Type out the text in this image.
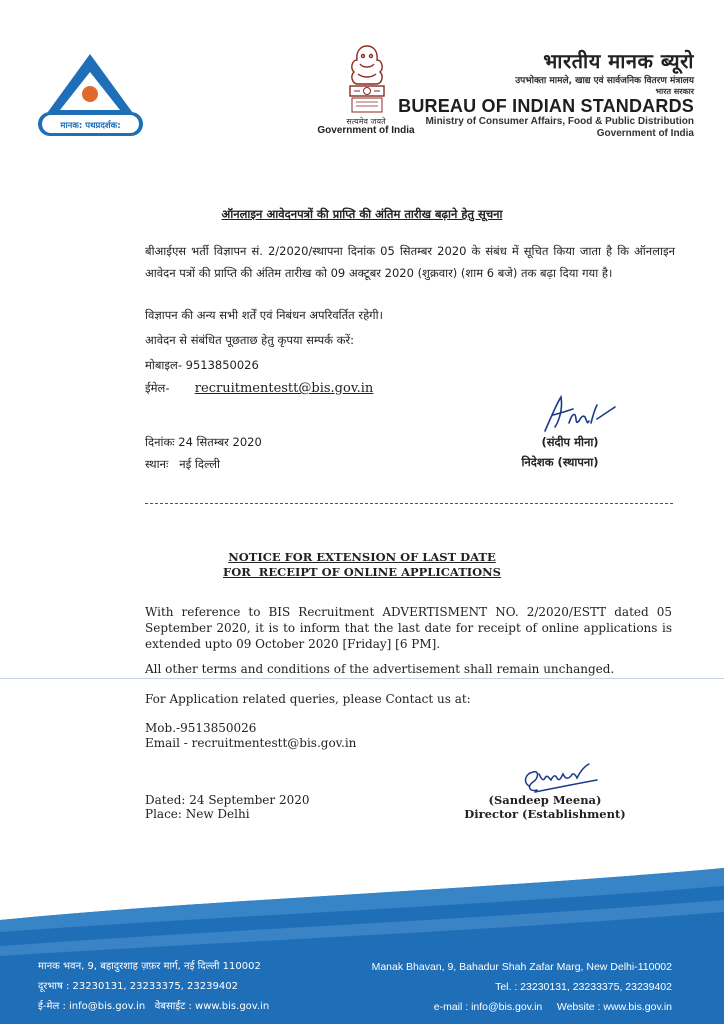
मानक: पथप्रदर्शक:	सत्यमेव जयते
Government of India
भारतीय मानक ब्यूरो
उपभोक्ता मामले, खाद्य एवं सार्वजनिक वितरण मंत्रालय
भारत सरकार
BUREAU OF INDIAN STANDARDS
Ministry of Consumer Affairs, Food & Public Distribution
Government of India
ऑनलाइन आवेदनपत्रों की प्राप्ति की अंतिम तारीख बढ़ाने हेतु सूचना
बीआईएस भर्ती विज्ञापन सं. 2/2020/स्थापना दिनांक 05 सितम्बर 2020 के संबंध में सूचित किया जाता है कि ऑनलाइन आवेदन पत्रों की प्राप्ति की अंतिम तारीख को 09 अक्टूबर 2020 (शुक्रवार) (शाम 6 बजे) तक बढ़ा दिया गया है।
विज्ञापन की अन्य सभी शर्तें एवं निबंधन अपरिवर्तित रहेगी।
आवेदन से संबंधित पूछताछ हेतु कृपया सम्पर्क करें:
मोबाइल- 9513850026
ईमेल- recruitmentestt@bis.gov.in
दिनांकः 24 सितम्बर 2020
स्थानः   नई दिल्ली
(संदीप मीना)
निदेशक (स्थापना)
NOTICE FOR EXTENSION OF LAST DATE
FOR  RECEIPT OF ONLINE APPLICATIONS
With reference to BIS Recruitment ADVERTISMENT NO. 2/2020/ESTT dated 05 September 2020, it is to inform that the last date for receipt of online applications is extended upto 09 October 2020 [Friday] [6 PM].
All other terms and conditions of the advertisement shall remain unchanged.
For Application related queries, please Contact us at:
Mob.-9513850026
Email - recruitmentestt@bis.gov.in
Dated: 24 September 2020
Place: New Delhi
(Sandeep Meena)
Director (Establishment)
मानक भवन, 9, बहादुरशाह ज़फ़र मार्ग, नई दिल्ली 110002
दूरभाष : 23230131, 23233375, 23239402
ई-मेल : info@bis.gov.in   वेबसाईट : www.bis.gov.in
Manak Bhavan, 9, Bahadur Shah Zafar Marg, New Delhi-110002
Tel. : 23230131, 23233375, 23239402
e-mail : info@bis.gov.in     Website : www.bis.gov.in
